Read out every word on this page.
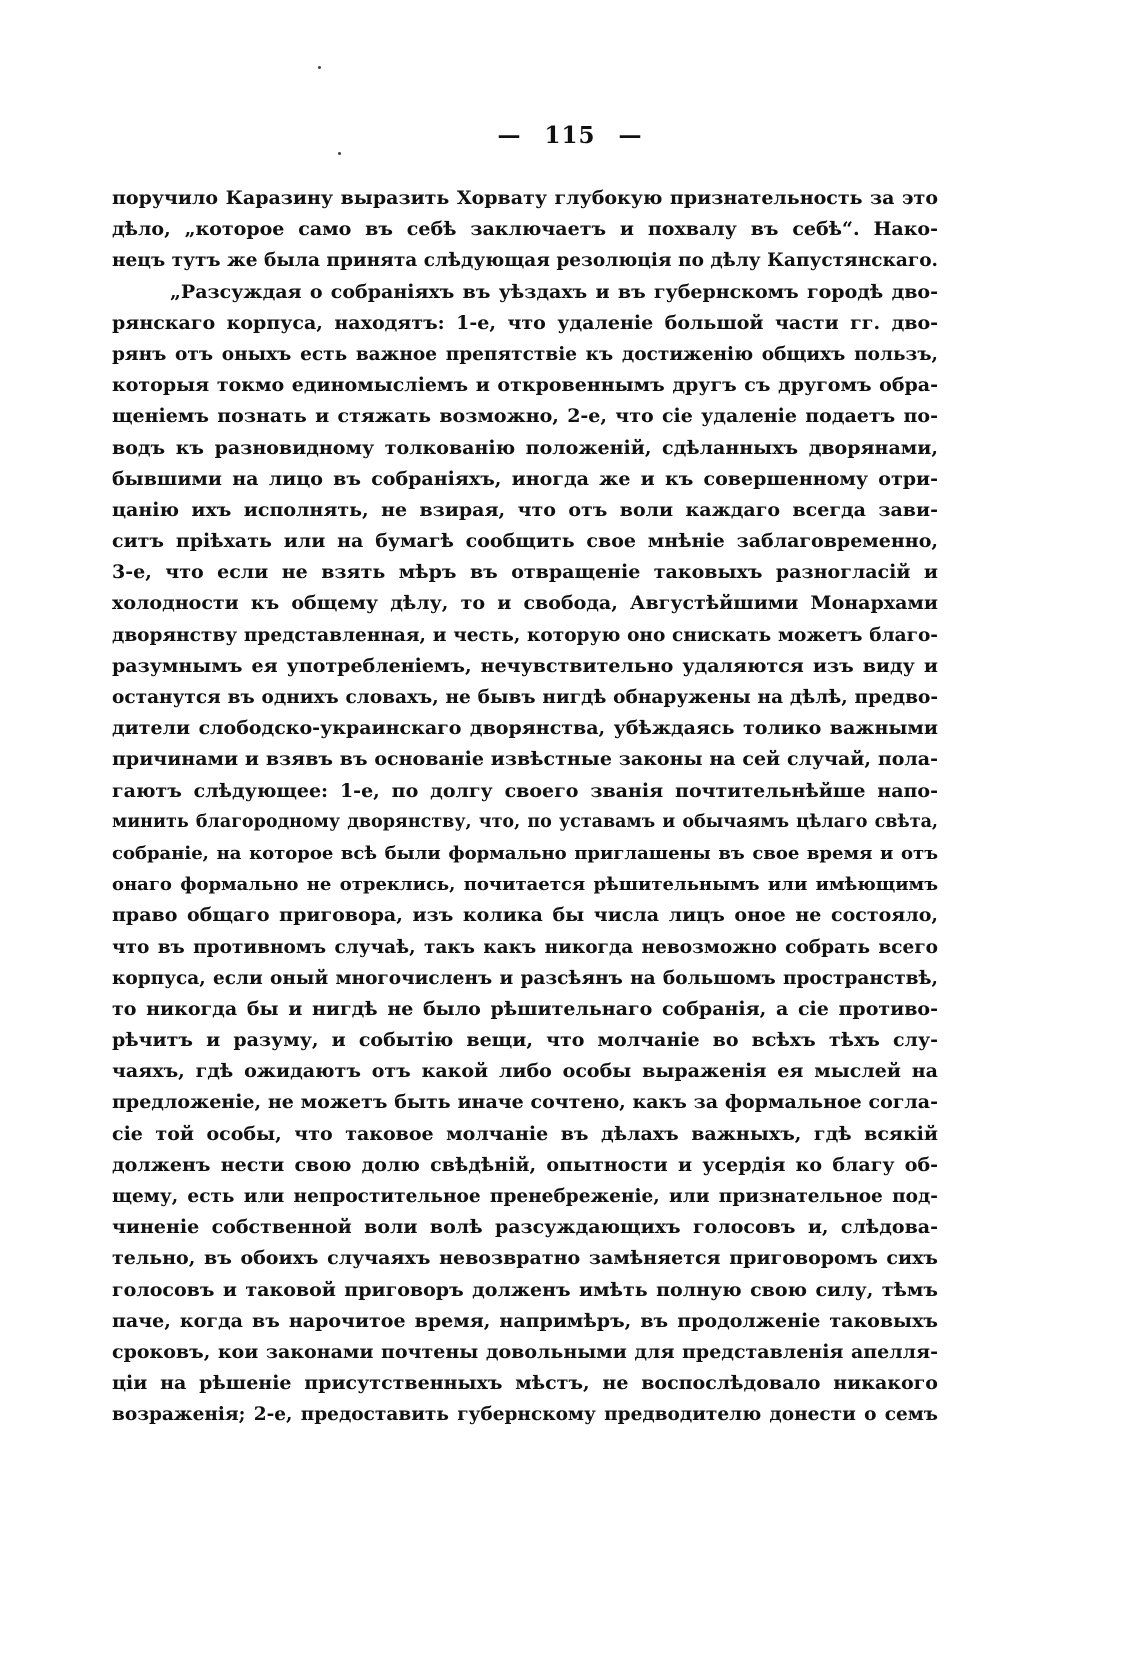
— 115 —
поручило Каразину выразить Хорвату глубокую признательность за это
дѣло, „которое само въ себѣ заключаетъ и похвалу въ себѣ“. Нако-
нецъ тутъ же была принята слѣдующая резолюція по дѣлу Капустянскаго.
„Разсуждая о собраніяхъ въ уѣздахъ и въ губернскомъ городѣ дво-
рянскаго корпуса, находятъ: 1-е, что удаленіе большой части гг. дво-
рянъ отъ оныхъ есть важное препятствіе къ достиженію общихъ пользъ,
которыя токмо единомысліемъ и откровеннымъ другъ съ другомъ обра-
щеніемъ познать и стяжать возможно, 2-е, что сіе удаленіе подаетъ по-
водъ къ разновидному толкованію положеній, сдѣланныхъ дворянами,
бывшими на лицо въ собраніяхъ, иногда же и къ совершенному отри-
цанію ихъ исполнять, не взирая, что отъ воли каждаго всегда зави-
ситъ пріѣхать или на бумагѣ сообщить свое мнѣніе заблаговременно,
3-е, что если не взять мѣръ въ отвращеніе таковыхъ разногласій и
холодности къ общему дѣлу, то и свобода, Августѣйшими Монархами
дворянству представленная, и честь, которую оно снискать можетъ благо-
разумнымъ ея употребленіемъ, нечувствительно удаляются изъ виду и
останутся въ однихъ словахъ, не бывъ нигдѣ обнаружены на дѣлѣ, предво-
дители слободско-украинскаго дворянства, убѣждаясь толико важными
причинами и взявъ въ основаніе извѣстные законы на сей случай, пола-
гаютъ слѣдующее: 1-е, по долгу своего званія почтительнѣйше напо-
минить благородному дворянству, что, по уставамъ и обычаямъ цѣлаго свѣта,
собраніе, на которое всѣ были формально приглашены въ свое время и отъ
онаго формально не отреклись, почитается рѣшительнымъ или имѣющимъ
право общаго приговора, изъ колика бы числа лицъ оное не состояло,
что въ противномъ случаѣ, такъ какъ никогда невозможно собрать всего
корпуса, если оный многочисленъ и разсѣянъ на большомъ пространствѣ,
то никогда бы и нигдѣ не было рѣшительнаго собранія, а сіе противо-
рѣчитъ и разуму, и событію вещи, что молчаніе во всѣхъ тѣхъ слу-
чаяхъ, гдѣ ожидаютъ отъ какой либо особы выраженія ея мыслей на
предложеніе, не можетъ быть иначе сочтено, какъ за формальное согла-
сіе той особы, что таковое молчаніе въ дѣлахъ важныхъ, гдѣ всякій
долженъ нести свою долю свѣдѣній, опытности и усердія ко благу об-
щему, есть или непростительное пренебреженіе, или признательное под-
чиненіе собственной воли волѣ разсуждающихъ голосовъ и, слѣдова-
тельно, въ обоихъ случаяхъ невозвратно замѣняется приговоромъ сихъ
голосовъ и таковой приговоръ долженъ имѣть полную свою силу, тѣмъ
паче, когда въ нарочитое время, напримѣръ, въ продолженіе таковыхъ
сроковъ, кои законами почтены довольными для представленія апелля-
ціи на рѣшеніе присутственныхъ мѣстъ, не воспослѣдовало никакого
возраженія; 2-е, предоставить губернскому предводителю донести о семъ
